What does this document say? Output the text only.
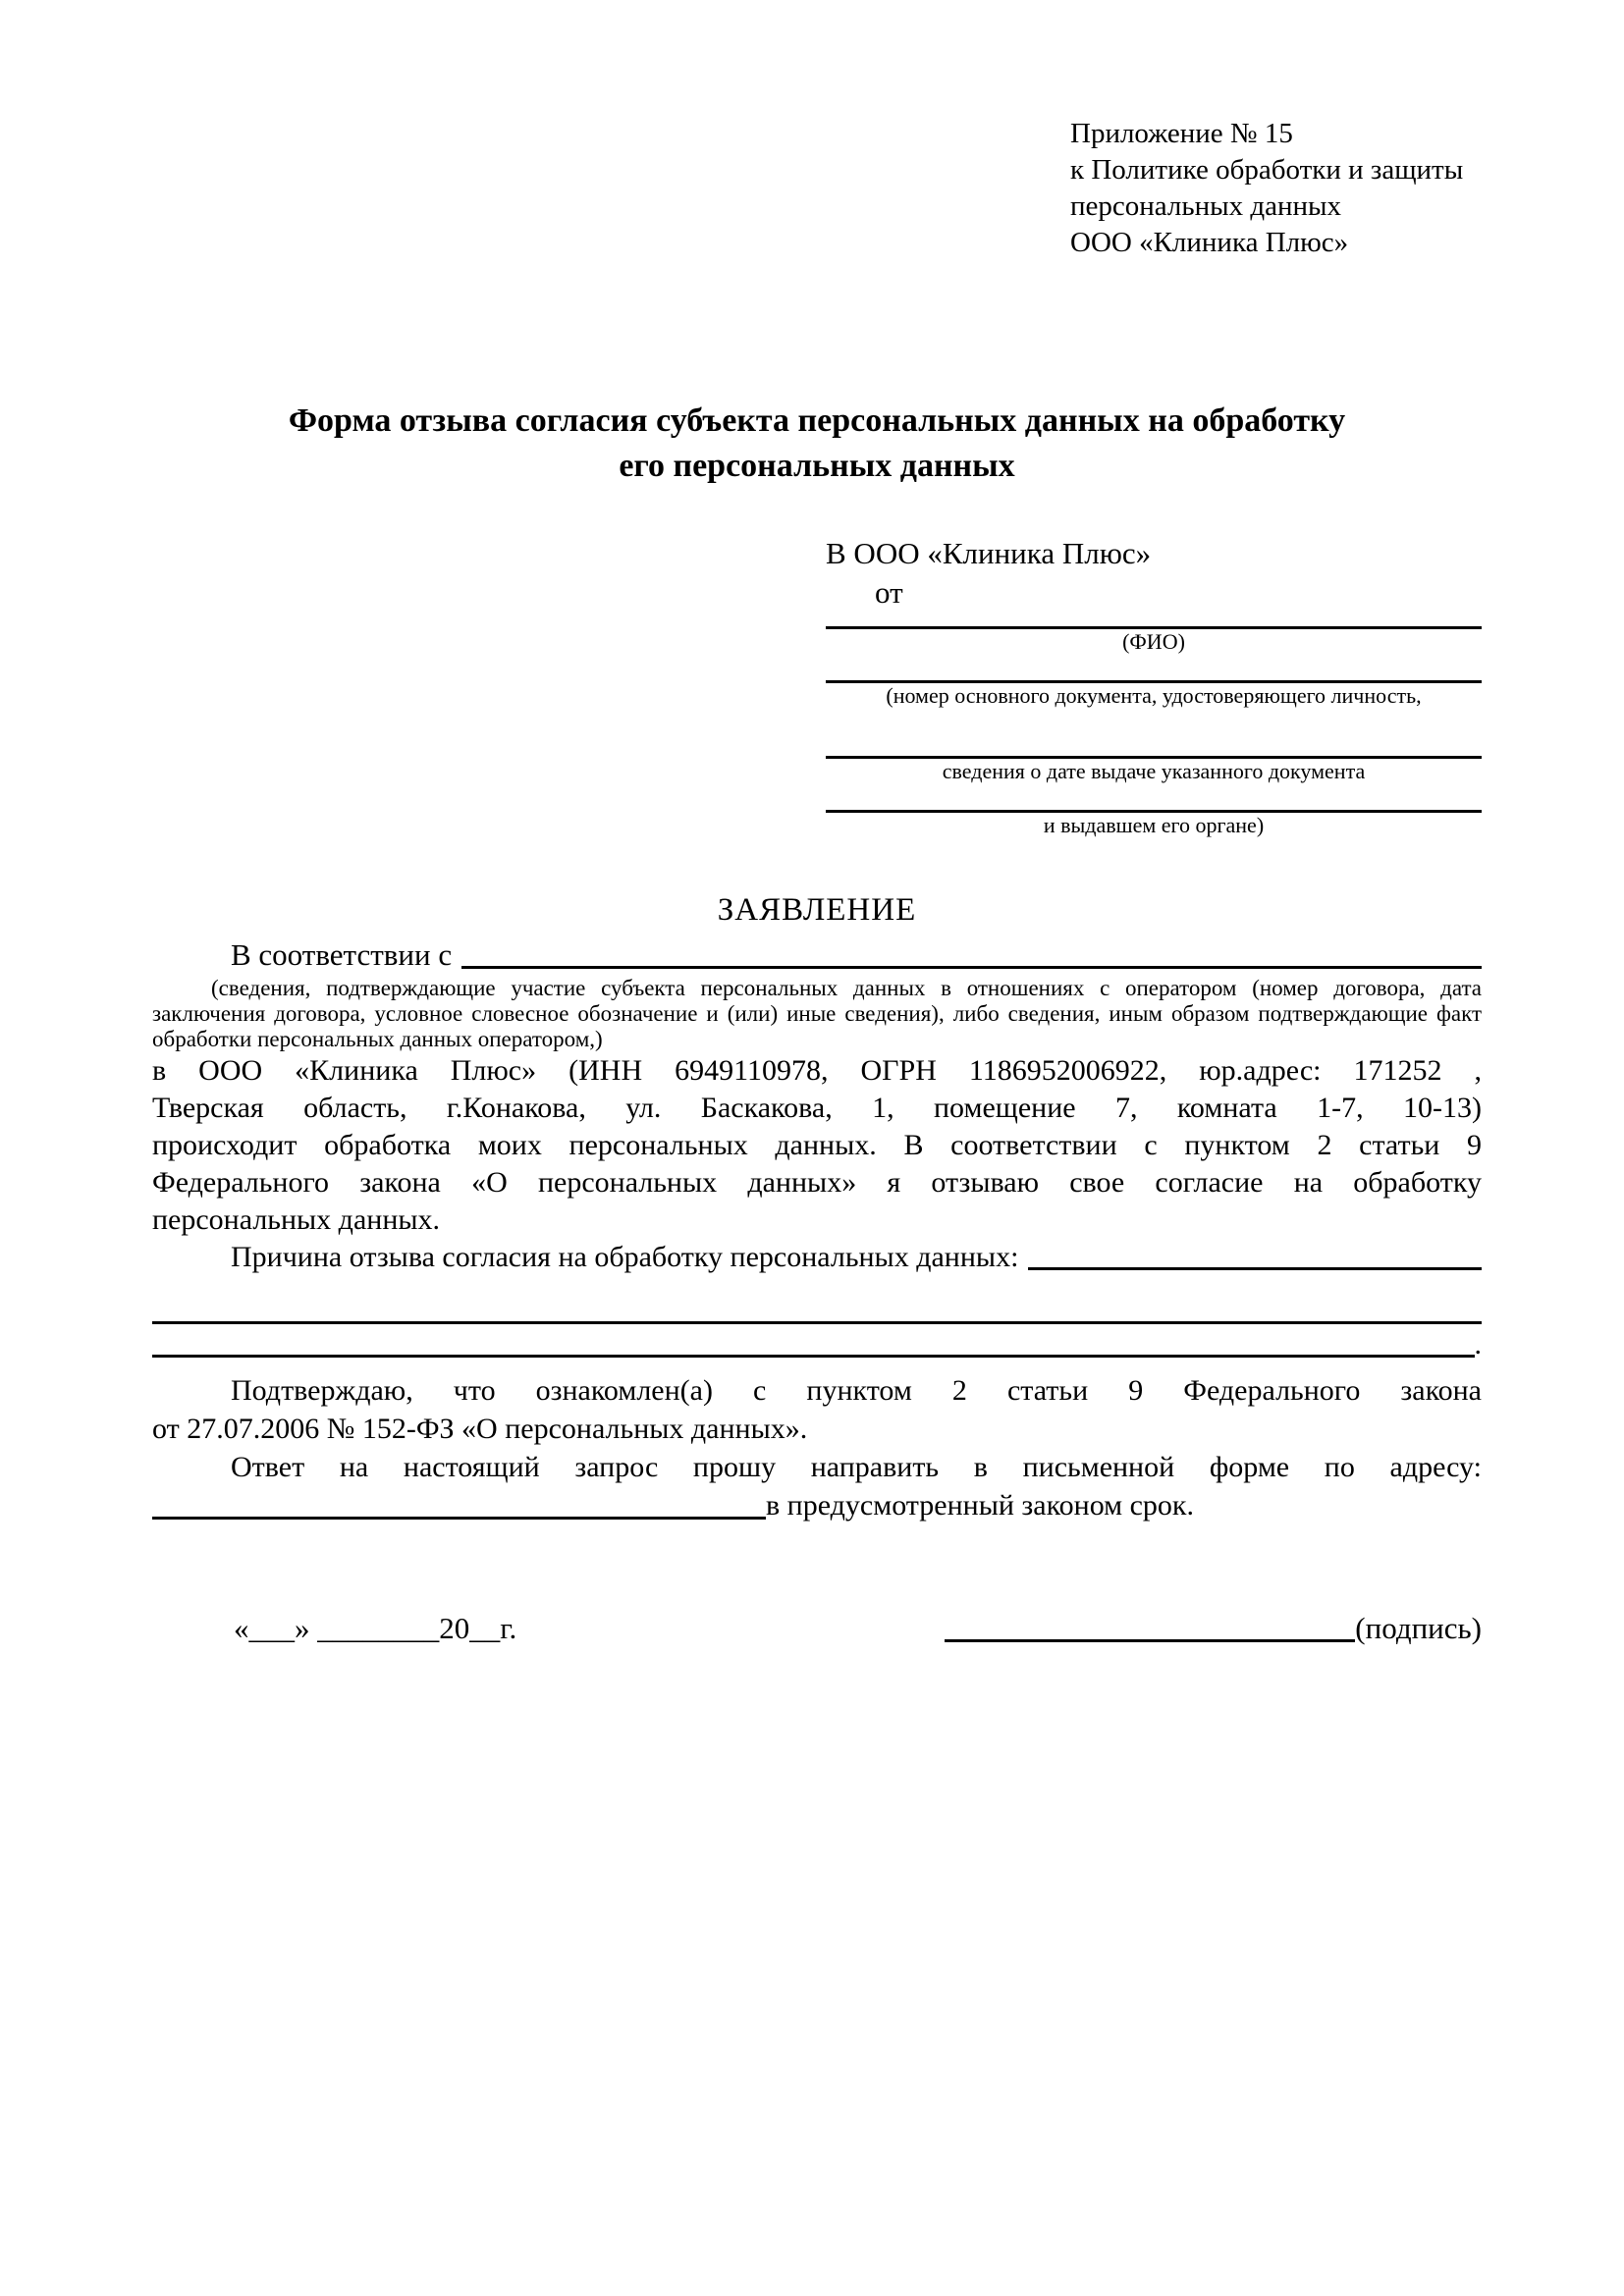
Приложение № 15
к Политике обработки и защиты
персональных данных
ООО «Клиника Плюс»
Форма отзыва согласия субъекта персональных данных на обработку
его персональных данных
В ООО «Клиника Плюс»
от
(ФИО)
(номер основного документа, удостоверяющего личность,
сведения о дате выдаче указанного документа
и выдавшем его органе)
ЗАЯВЛЕНИЕ
В соответствии с
(сведения, подтверждающие участие субъекта персональных данных в отношениях с оператором (номер договора, дата
заключения договора, условное словесное обозначение и (или) иные сведения), либо сведения, иным образом подтверждающие факт
обработки персональных данных оператором,)
в ООО «Клиника Плюс» (ИНН 6949110978, ОГРН 1186952006922, юр.адрес: 171252 ,
Тверская область, г.Конакова, ул. Баскакова, 1, помещение 7, комната 1-7, 10-13)
происходит обработка моих персональных данных. В соответствии с пунктом 2 статьи 9
Федерального закона «О персональных данных» я отзываю свое согласие на обработку
персональных данных.
Причина отзыва согласия на обработку персональных данных:
.
Подтверждаю, что ознакомлен(а) с пунктом 2 статьи 9 Федерального закона
от 27.07.2006 № 152-ФЗ «О персональных данных».
Ответ на настоящий запрос прошу направить в письменной форме по адресу:
в предусмотренный законом срок.
«___» ________20__г.	(подпись)
